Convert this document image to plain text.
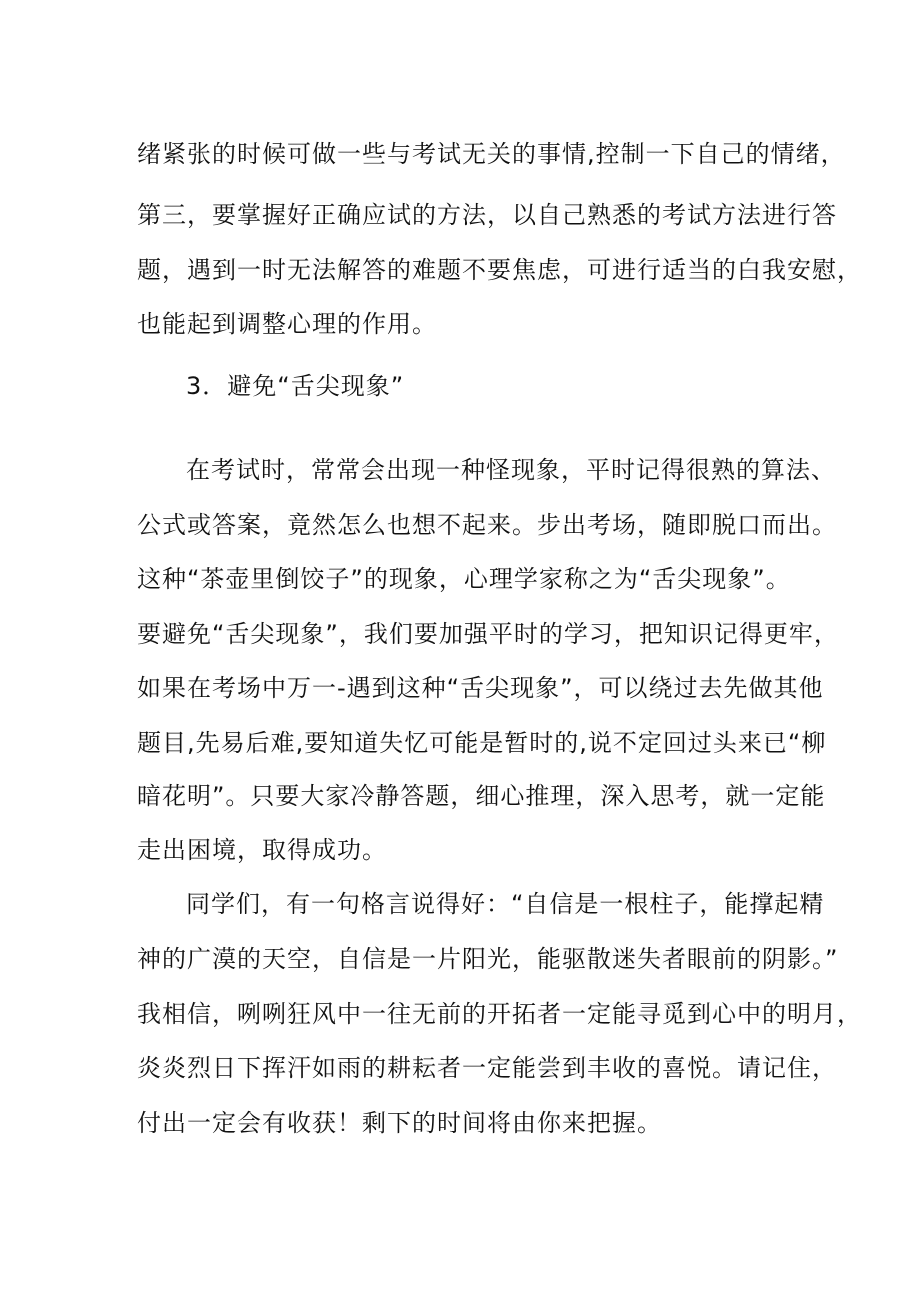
绪紧张的时候可做一些与考试无关的事情,控制一下自己的情绪，
第三，要掌握好正确应试的方法，以自己熟悉的考试方法进行答
题，遇到一时无法解答的难题不要焦虑，可进行适当的白我安慰，
也能起到调整心理的作用。
3．避免“舌尖现象”
在考试时，常常会出现一种怪现象，平时记得很熟的算法、
公式或答案，竟然怎么也想不起来。步出考场，随即脱口而出。
这种“茶壶里倒饺子”的现象，心理学家称之为“舌尖现象”。
要避免“舌尖现象”，我们要加强平时的学习，把知识记得更牢，
如果在考场中万一-遇到这种“舌尖现象”，可以绕过去先做其他
题目,先易后难,要知道失忆可能是暂时的,说不定回过头来已“柳
暗花明”。只要大家冷静答题，细心推理，深入思考，就一定能
走出困境，取得成功。
同学们，有一句格言说得好：“自信是一根柱子，能撑起精
神的广漠的天空，自信是一片阳光，能驱散迷失者眼前的阴影。”
我相信，咧咧狂风中一往无前的开拓者一定能寻觅到心中的明月，
炎炎烈日下挥汗如雨的耕耘者一定能尝到丰收的喜悦。请记住，
付出一定会有收获！剩下的时间将由你来把握。
